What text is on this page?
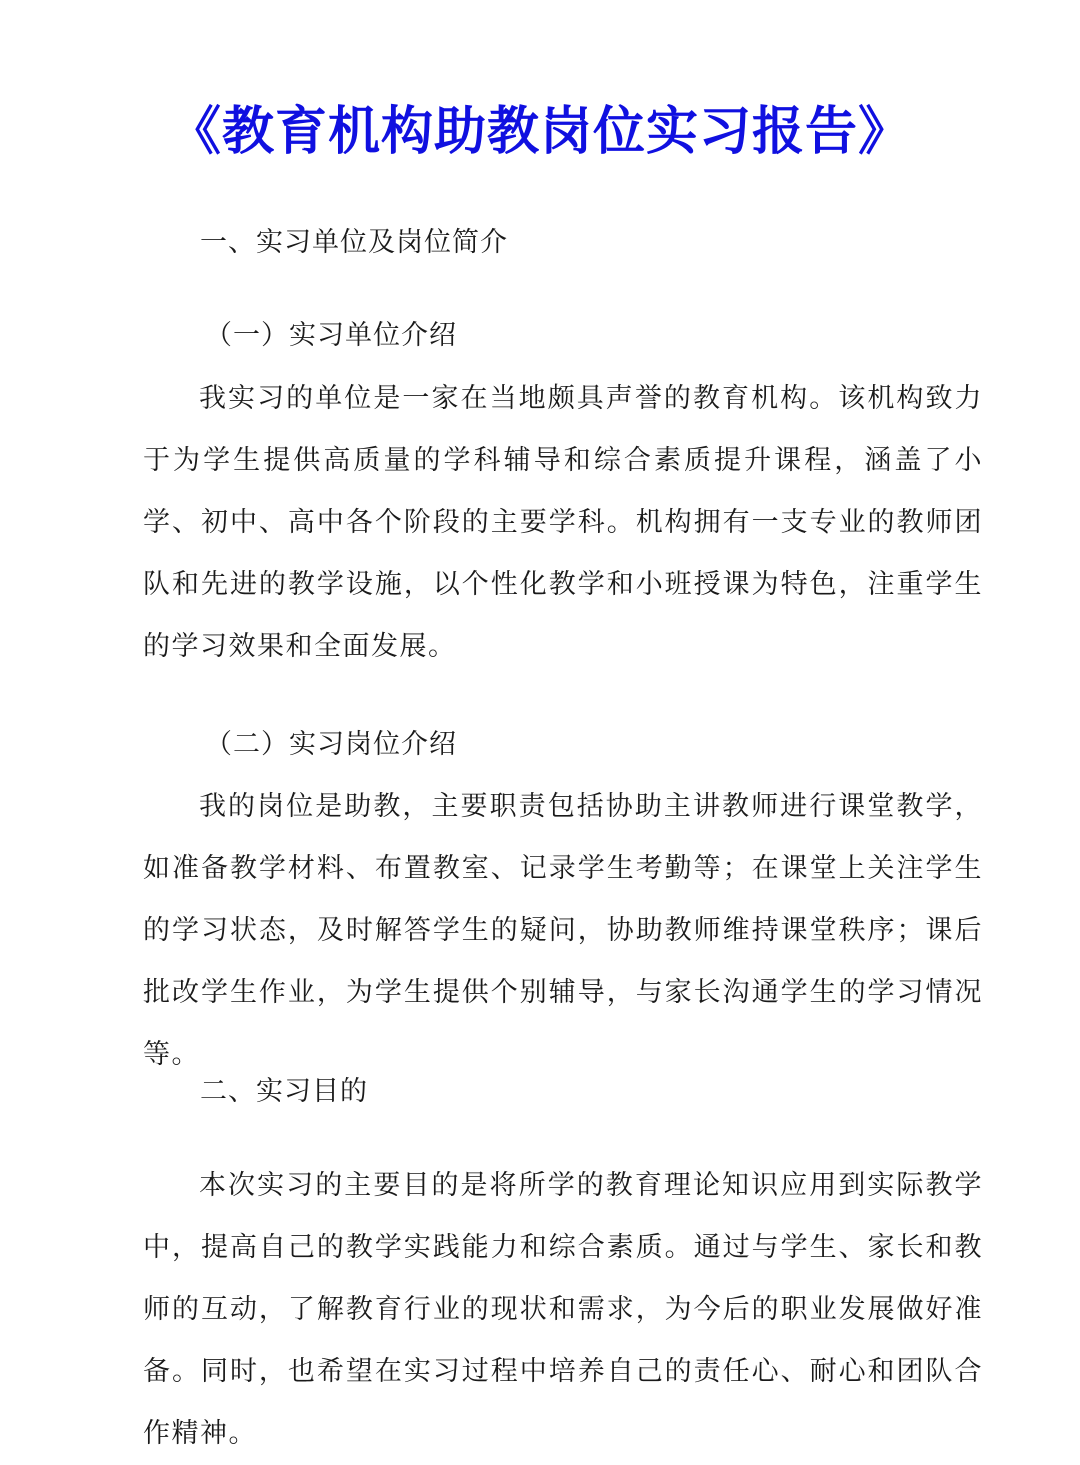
《教育机构助教岗位实习报告》
一、实习单位及岗位简介
（一）实习单位介绍
我实习的单位是一家在当地颇具声誉的教育机构。该机构致力于为学生提供高质量的学科辅导和综合素质提升课程，涵盖了小学、初中、高中各个阶段的主要学科。机构拥有一支专业的教师团队和先进的教学设施，以个性化教学和小班授课为特色，注重学生的学习效果和全面发展。
（二）实习岗位介绍
我的岗位是助教，主要职责包括协助主讲教师进行课堂教学，如准备教学材料、布置教室、记录学生考勤等；在课堂上关注学生的学习状态，及时解答学生的疑问，协助教师维持课堂秩序；课后批改学生作业，为学生提供个别辅导，与家长沟通学生的学习情况等。
二、实习目的
本次实习的主要目的是将所学的教育理论知识应用到实际教学中，提高自己的教学实践能力和综合素质。通过与学生、家长和教师的互动，了解教育行业的现状和需求，为今后的职业发展做好准备。同时，也希望在实习过程中培养自己的责任心、耐心和团队合作精神。
